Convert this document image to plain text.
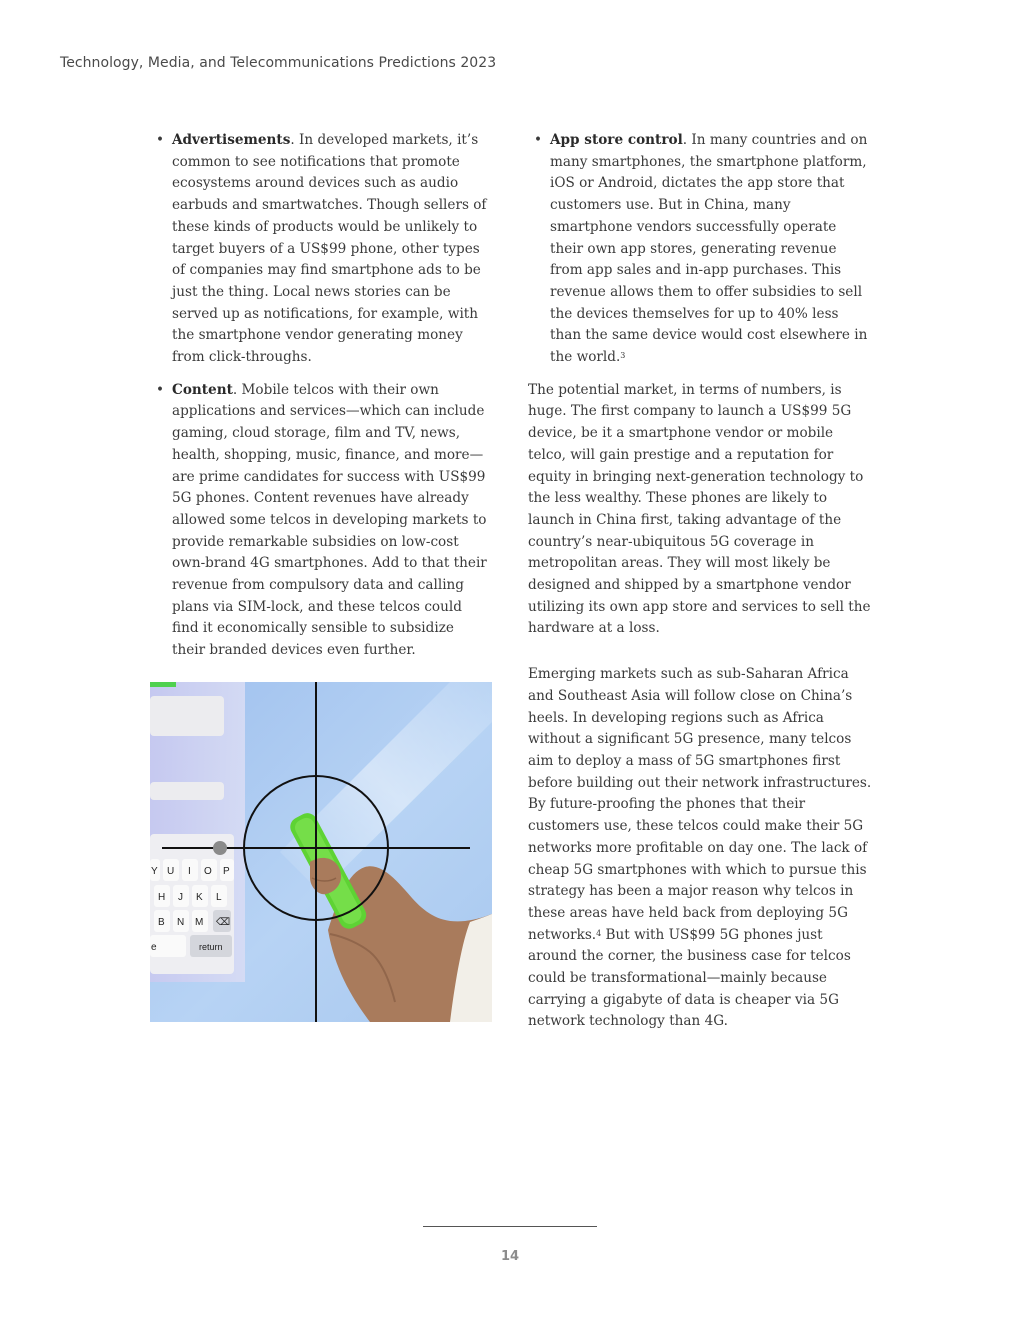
Technology, Media, and Telecommunications Predictions 2023
• Advertisements. In developed markets, it’s common to see notifications that promote ecosystems around devices such as audio earbuds and smartwatches. Though sellers of these kinds of products would be unlikely to target buyers of a US$99 phone, other types of companies may find smartphone ads to be just the thing. Local news stories can be served up as notifications, for example, with the smartphone vendor generating money from click-throughs.
• Content. Mobile telcos with their own applications and services—which can include gaming, cloud storage, film and TV, news, health, shopping, music, finance, and more—are prime candidates for success with US$99 5G phones. Content revenues have already allowed some telcos in developing markets to provide remarkable subsidies on low-cost own-brand 4G smartphones. Add to that their revenue from compulsory data and calling plans via SIM-lock, and these telcos could find it economically sensible to subsidize their branded devices even further.
Y U I O P
H J K L
B N M ⌫
e	return
• App store control. In many countries and on many smartphones, the smartphone platform, iOS or Android, dictates the app store that customers use. But in China, many smartphone vendors successfully operate their own app stores, generating revenue from app sales and in-app purchases. This revenue allows them to offer subsidies to sell the devices themselves for up to 40% less than the same device would cost elsewhere in the world.$^3$

The potential market, in terms of numbers, is huge. The first company to launch a US$99 5G device, be it a smartphone vendor or mobile telco, will gain prestige and a reputation for equity in bringing next-generation technology to the less wealthy. These phones are likely to launch in China first, taking advantage of the country’s near-ubiquitous 5G coverage in metropolitan areas. They will most likely be designed and shipped by a smartphone vendor utilizing its own app store and services to sell the hardware at a loss.

Emerging markets such as sub-Saharan Africa and Southeast Asia will follow close on China’s heels. In developing regions such as Africa without a significant 5G presence, many telcos aim to deploy a mass of 5G smartphones first before building out their network infrastructures. By future-proofing the phones that their customers use, these telcos could make their 5G networks more profitable on day one. The lack of cheap 5G smartphones with which to pursue this strategy has been a major reason why telcos in these areas have held back from deploying 5G networks.$^4$ But with US$99 5G phones just around the corner, the business case for telcos could be transformational—mainly because carrying a gigabyte of data is cheaper via 5G network technology than 4G.

14
